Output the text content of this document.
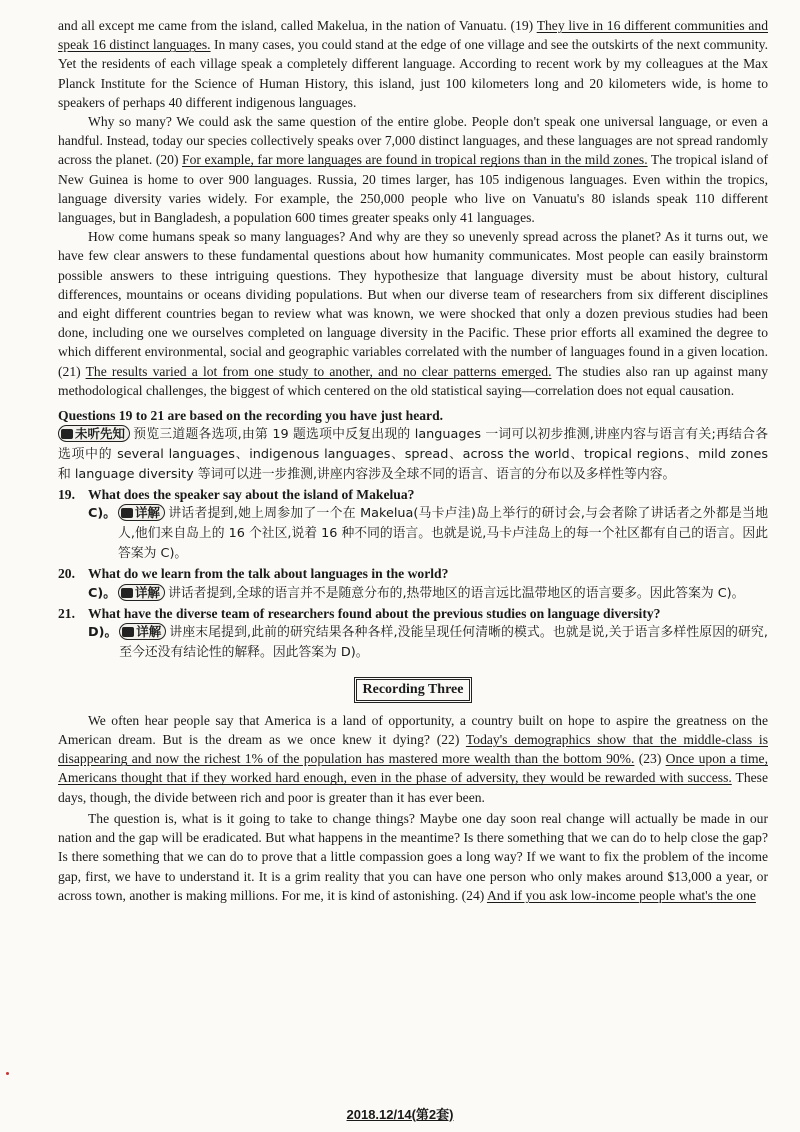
and all except me came from the island, called Makelua, in the nation of Vanuatu. (19) They live in 16 different communities and speak 16 distinct languages. In many cases, you could stand at the edge of one village and see the outskirts of the next community. Yet the residents of each village speak a completely different language. According to recent work by my colleagues at the Max Planck Institute for the Science of Human History, this island, just 100 kilometers long and 20 kilometers wide, is home to speakers of perhaps 40 different indigenous languages.

Why so many? We could ask the same question of the entire globe. People don't speak one universal language, or even a handful. Instead, today our species collectively speaks over 7,000 distinct languages, and these languages are not spread randomly across the planet. (20) For example, far more languages are found in tropical regions than in the mild zones. The tropical island of New Guinea is home to over 900 languages. Russia, 20 times larger, has 105 indigenous languages. Even within the tropics, language diversity varies widely. For example, the 250,000 people who live on Vanuatu's 80 islands speak 110 different languages, but in Bangladesh, a population 600 times greater speaks only 41 languages.

How come humans speak so many languages? And why are they so unevenly spread across the planet? As it turns out, we have few clear answers to these fundamental questions about how humanity communicates. Most people can easily brainstorm possible answers to these intriguing questions. They hypothesize that language diversity must be about history, cultural differences, mountains or oceans dividing populations. But when our diverse team of researchers from six different disciplines and eight different countries began to review what was known, we were shocked that only a dozen previous studies had been done, including one we ourselves completed on language diversity in the Pacific. These prior efforts all examined the degree to which different environmental, social and geographic variables correlated with the number of languages found in a given location. (21) The results varied a lot from one study to another, and no clear patterns emerged. The studies also ran up against many methodological challenges, the biggest of which centered on the old statistical saying—correlation does not equal causation.

Questions 19 to 21 are based on the recording you have just heard.

未听先知 预览三道题各选项,由第 19 题选项中反复出现的 languages 一词可以初步推测,讲座内容与语言有关;再结合各选项中的 several languages、indigenous languages、spread、across the world、tropical regions、mild zones 和 language diversity 等词可以进一步推测,讲座内容涉及全球不同的语言、语言的分布以及多样性等内容。

19. What does the speaker say about the island of Makelua?
C)。	详解 讲话者提到,她上周参加了一个在 Makelua(马卡卢洼)岛上举行的研讨会,与会者除了讲话者之外都是当地人,他们来自岛上的 16 个社区,说着 16 种不同的语言。也就是说,马卡卢洼岛上的每一个社区都有自己的语言。因此答案为 C)。
20. What do we learn from the talk about languages in the world?
C)。	详解 讲话者提到,全球的语言并不是随意分布的,热带地区的语言远比温带地区的语言要多。因此答案为 C)。
21. What have the diverse team of researchers found about the previous studies on language diversity?
D)。	详解 讲座末尾提到,此前的研究结果各种各样,没能呈现任何清晰的模式。也就是说,关于语言多样性原因的研究,至今还没有结论性的解释。因此答案为 D)。
Recording Three

We often hear people say that America is a land of opportunity, a country built on hope to aspire the greatness on the American dream. But is the dream as we once knew it dying? (22) Today's demographics show that the middle-class is disappearing and now the richest 1% of the population has mastered more wealth than the bottom 90%. (23) Once upon a time, Americans thought that if they worked hard enough, even in the phase of adversity, they would be rewarded with success. These days, though, the divide between rich and poor is greater than it has ever been.

The question is, what is it going to take to change things? Maybe one day soon real change will actually be made in our nation and the gap will be eradicated. But what happens in the meantime? Is there something that we can do to help close the gap? Is there something that we can do to prove that a little compassion goes a long way? If we want to fix the problem of the income gap, first, we have to understand it. It is a grim reality that you can have one person who only makes around $13,000 a year, or across town, another is making millions. For me, it is kind of astonishing. (24) And if you ask low-income people what's the one

2018.12/14(第2套)
